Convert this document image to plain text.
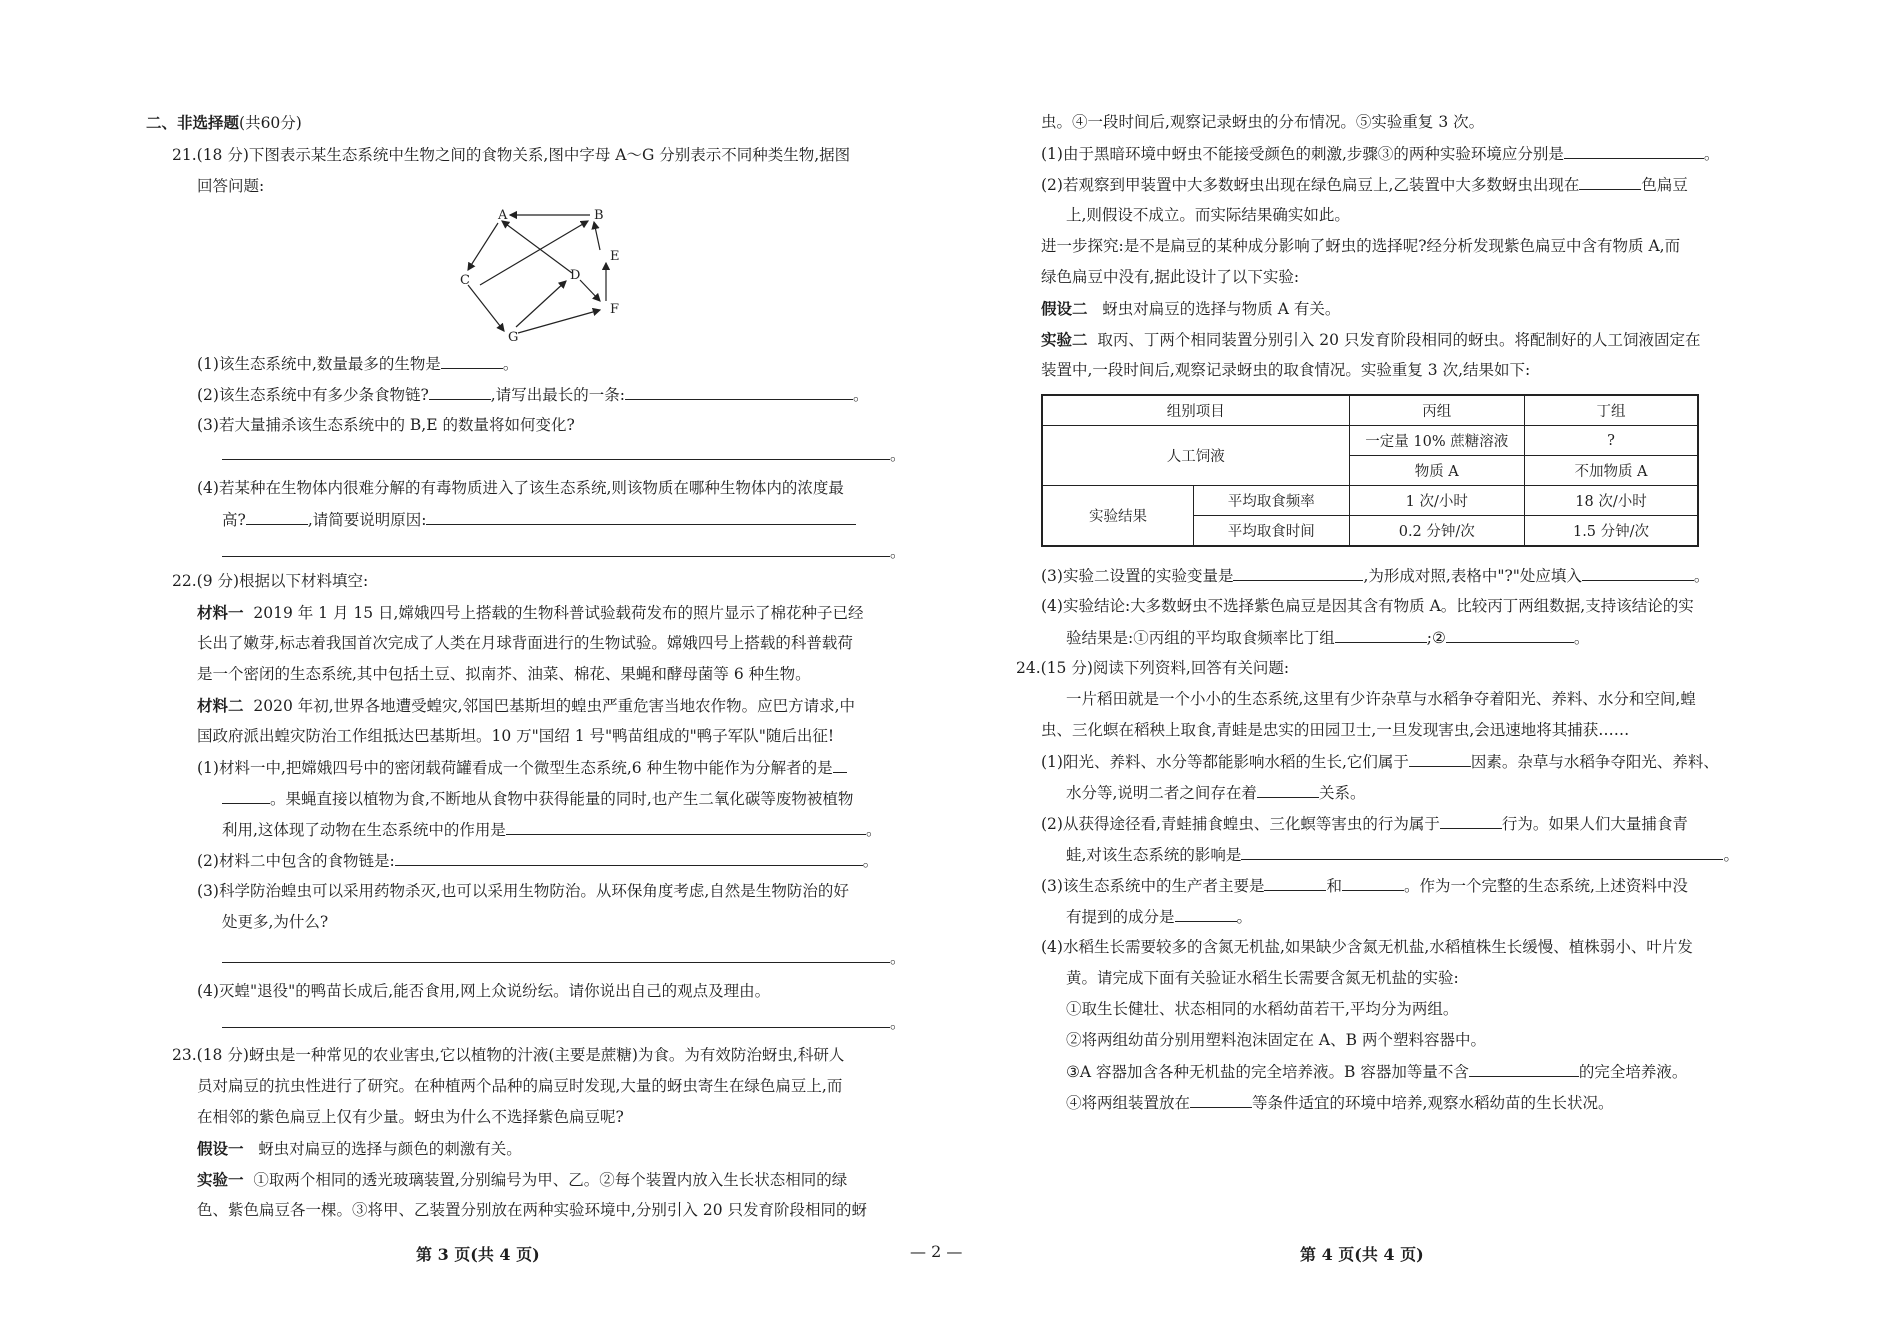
二、非选择题(共60分)
21.(18 分)下图表示某生态系统中生物之间的食物关系,图中字母 A～G 分别表示不同种类生物,据图
回答问题:
A	B
C	D
E
F
G
(1)该生态系统中,数量最多的生物是	。
(2)该生态系统中有多少条食物链?	,请写出最长的一条:	。
(3)若大量捕杀该生态系统中的 B,E 的数量将如何变化?
。
(4)若某种在生物体内很难分解的有毒物质进入了该生态系统,则该物质在哪种生物体内的浓度最
高?	,请简要说明原因:
。
22.(9 分)根据以下材料填空:
材料一 2019 年 1 月 15 日,嫦娥四号上搭载的生物科普试验载荷发布的照片显示了棉花种子已经
长出了嫩芽,标志着我国首次完成了人类在月球背面进行的生物试验。嫦娥四号上搭载的科普载荷
是一个密闭的生态系统,其中包括土豆、拟南芥、油菜、棉花、果蝇和酵母菌等 6 种生物。
材料二 2020 年初,世界各地遭受蝗灾,邻国巴基斯坦的蝗虫严重危害当地农作物。应巴方请求,中
国政府派出蝗灾防治工作组抵达巴基斯坦。10 万"国绍 1 号"鸭苗组成的"鸭子军队"随后出征!
(1)材料一中,把嫦娥四号中的密闭载荷罐看成一个微型生态系统,6 种生物中能作为分解者的是
。果蝇直接以植物为食,不断地从食物中获得能量的同时,也产生二氧化碳等废物被植物
利用,这体现了动物在生态系统中的作用是	。
(2)材料二中包含的食物链是:	。
(3)科学防治蝗虫可以采用药物杀灭,也可以采用生物防治。从环保角度考虑,自然是生物防治的好
处更多,为什么?
。
(4)灭蝗"退役"的鸭苗长成后,能否食用,网上众说纷纭。请你说出自己的观点及理由。
。
23.(18 分)蚜虫是一种常见的农业害虫,它以植物的汁液(主要是蔗糖)为食。为有效防治蚜虫,科研人
员对扁豆的抗虫性进行了研究。在种植两个品种的扁豆时发现,大量的蚜虫寄生在绿色扁豆上,而
在相邻的紫色扁豆上仅有少量。蚜虫为什么不选择紫色扁豆呢?
假设一 蚜虫对扁豆的选择与颜色的刺激有关。
实验一 ①取两个相同的透光玻璃装置,分别编号为甲、乙。②每个装置内放入生长状态相同的绿
色、紫色扁豆各一棵。③将甲、乙装置分别放在两种实验环境中,分别引入 20 只发育阶段相同的蚜
虫。④一段时间后,观察记录蚜虫的分布情况。⑤实验重复 3 次。
(1)由于黑暗环境中蚜虫不能接受颜色的刺激,步骤③的两种实验环境应分别是	。
(2)若观察到甲装置中大多数蚜虫出现在绿色扁豆上,乙装置中大多数蚜虫出现在	色扁豆
上,则假设不成立。而实际结果确实如此。
进一步探究:是不是扁豆的某种成分影响了蚜虫的选择呢?经分析发现紫色扁豆中含有物质 A,而
绿色扁豆中没有,据此设计了以下实验:
假设二 蚜虫对扁豆的选择与物质 A 有关。
实验二 取丙、丁两个相同装置分别引入 20 只发育阶段相同的蚜虫。将配制好的人工饲液固定在
装置中,一段时间后,观察记录蚜虫的取食情况。实验重复 3 次,结果如下:
组别项目		丙组	丁组
人工饲液		一定量 10% 蔗糖溶液	?
		物质 A	不加物质 A
实验结果	平均取食频率	1 次/小时	18 次/小时
	平均取食时间	0.2 分钟/次	1.5 分钟/次
(3)实验二设置的实验变量是	,为形成对照,表格中"?"处应填入	。
(4)实验结论:大多数蚜虫不选择紫色扁豆是因其含有物质 A。比较丙丁两组数据,支持该结论的实
验结果是:①丙组的平均取食频率比丁组	;②	。
24.(15 分)阅读下列资料,回答有关问题:
一片稻田就是一个小小的生态系统,这里有少许杂草与水稻争夺着阳光、养料、水分和空间,蝗
虫、三化螟在稻秧上取食,青蛙是忠实的田园卫士,一旦发现害虫,会迅速地将其捕获……
(1)阳光、养料、水分等都能影响水稻的生长,它们属于	因素。杂草与水稻争夺阳光、养料、
水分等,说明二者之间存在着	关系。
(2)从获得途径看,青蛙捕食蝗虫、三化螟等害虫的行为属于	行为。如果人们大量捕食青
蛙,对该生态系统的影响是	。
(3)该生态系统中的生产者主要是	和	。作为一个完整的生态系统,上述资料中没
有提到的成分是	。
(4)水稻生长需要较多的含氮无机盐,如果缺少含氮无机盐,水稻植株生长缓慢、植株弱小、叶片发
黄。请完成下面有关验证水稻生长需要含氮无机盐的实验:
①取生长健壮、状态相同的水稻幼苗若干,平均分为两组。
②将两组幼苗分别用塑料泡沫固定在 A、B 两个塑料容器中。
③A 容器加含各种无机盐的完全培养液。B 容器加等量不含	的完全培养液。
④将两组装置放在	等条件适宜的环境中培养,观察水稻幼苗的生长状况。
第 3 页(共 4 页)	— 2 —	第 4 页(共 4 页)
